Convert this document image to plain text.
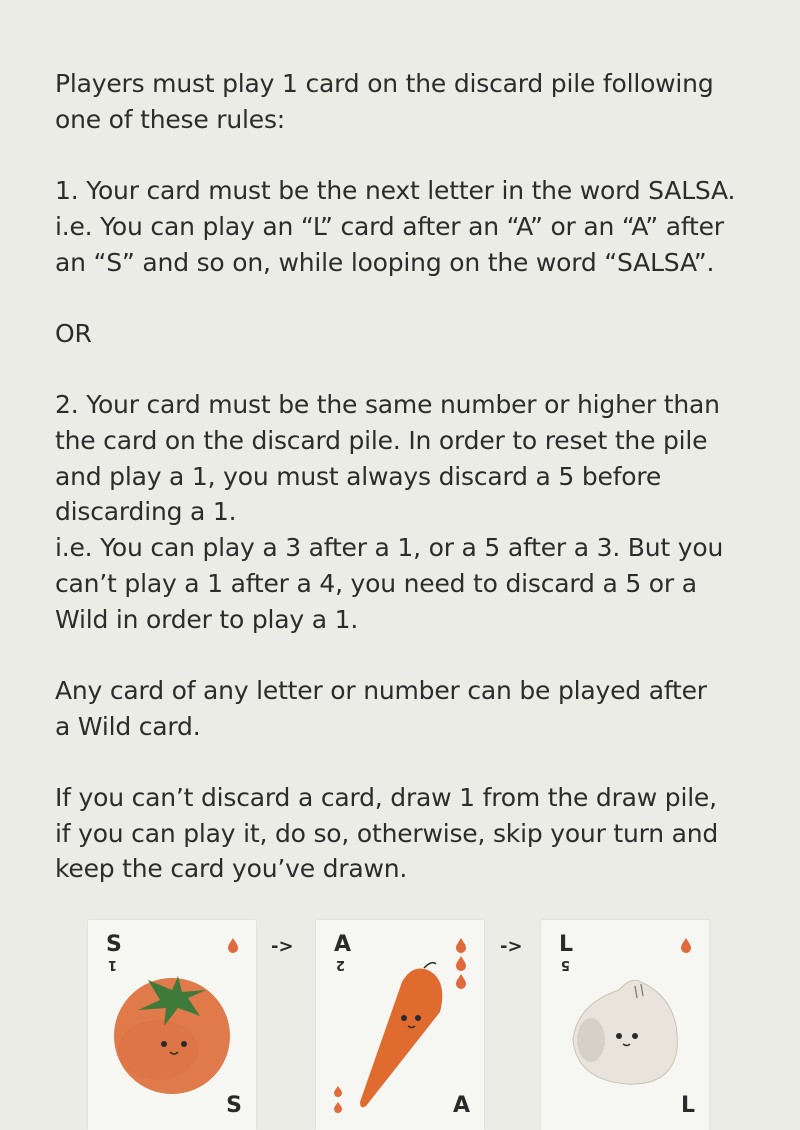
Players must play 1 card on the discard pile following
one of these rules:

1. Your card must be the next letter in the word SALSA.

i.e. You can play an “L” card after an “A” or an “A” after
an “S” and so on, while looping on the word “SALSA”.

OR

2. Your card must be the same number or higher than
the card on the discard pile. In order to reset the pile
and play a 1, you must always discard a 5 before
discarding a 1.

i.e. You can play a 3 after a 1, or a 5 after a 3. But you
can’t play a 1 after a 4, you need to discard a 5 or a
Wild in order to play a 1.

Any card of any letter or number can be played after
a Wild card.

If you can’t discard a card, draw 1 from the draw pile,
if you can play it, do so, otherwise, skip your turn and
keep the card you’ve drawn.

S
1
S
-> A
2
A
-> L
5
L
